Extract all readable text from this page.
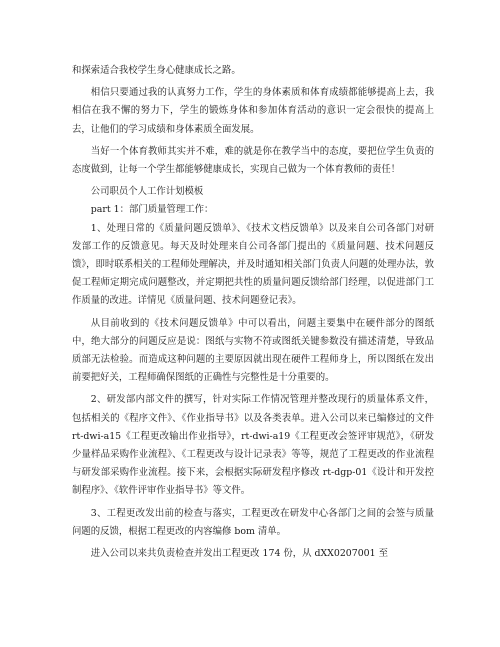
和探索适合我校学生身心健康成长之路。

相信只要通过我的认真努力工作，学生的身体素质和体育成绩都能够提高上去，我相信在我不懈的努力下，学生的锻炼身体和参加体育活动的意识一定会很快的提高上去，让他们的学习成绩和身体素质全面发展。

当好一个体育教师其实并不难，难的就是你在教学当中的态度，要把位学生负责的态度做到，让每一个学生都能够健康成长，实现自己做为一个体育教师的责任！

公司职员个人工作计划模板

part 1：部门质量管理工作：

1、处理日常的《质量问题反馈单》、《技术文档反馈单》以及来自公司各部门对研发部工作的反馈意见。每天及时处理来自公司各部门提出的《质量问题、技术问题反馈》，即时联系相关的工程师处理解决，并及时通知相关部门负责人问题的处理办法，敦促工程师定期完成问题整改，并定期把共性的质量问题反馈给部门经理，以促进部门工作质量的改进。详情见《质量问题、技术问题登记表》。

从目前收到的《技术问题反馈单》中可以看出，问题主要集中在硬件部分的图纸中，绝大部分的问题反应是说：图纸与实物不符或图纸关键参数没有描述清楚，导致品质部无法检验。而造成这种问题的主要原因就出现在硬件工程师身上，所以图纸在发出前要把好关，工程师确保图纸的正确性与完整性是十分重要的。

2、研发部内部文件的撰写，针对实际工作情况管理并整改现行的质量体系文件，包括相关的《程序文件》、《作业指导书》以及各类表单。进入公司以来已编修过的文件 rt-dwi-a15《工程更改输出作业指导》，rt-dwi-a19《工程更改会签评审规范》，《研发少量样品采购作业流程》、《工程更改与设计记录表》等等，规范了工程更改的作业流程与研发部采购作业流程。接下来，会根据实际研发程序修改 rt-dgp-01《设计和开发控制程序》、《软件评审作业指导书》等文件。

3、工程更改发出前的检查与落实，工程更改在研发中心各部门之间的会签与质量问题的反馈，根据工程更改的内容编修 bom 清单。

进入公司以来共负责检查并发出工程更改 174 份，从 dXX0207001 至
